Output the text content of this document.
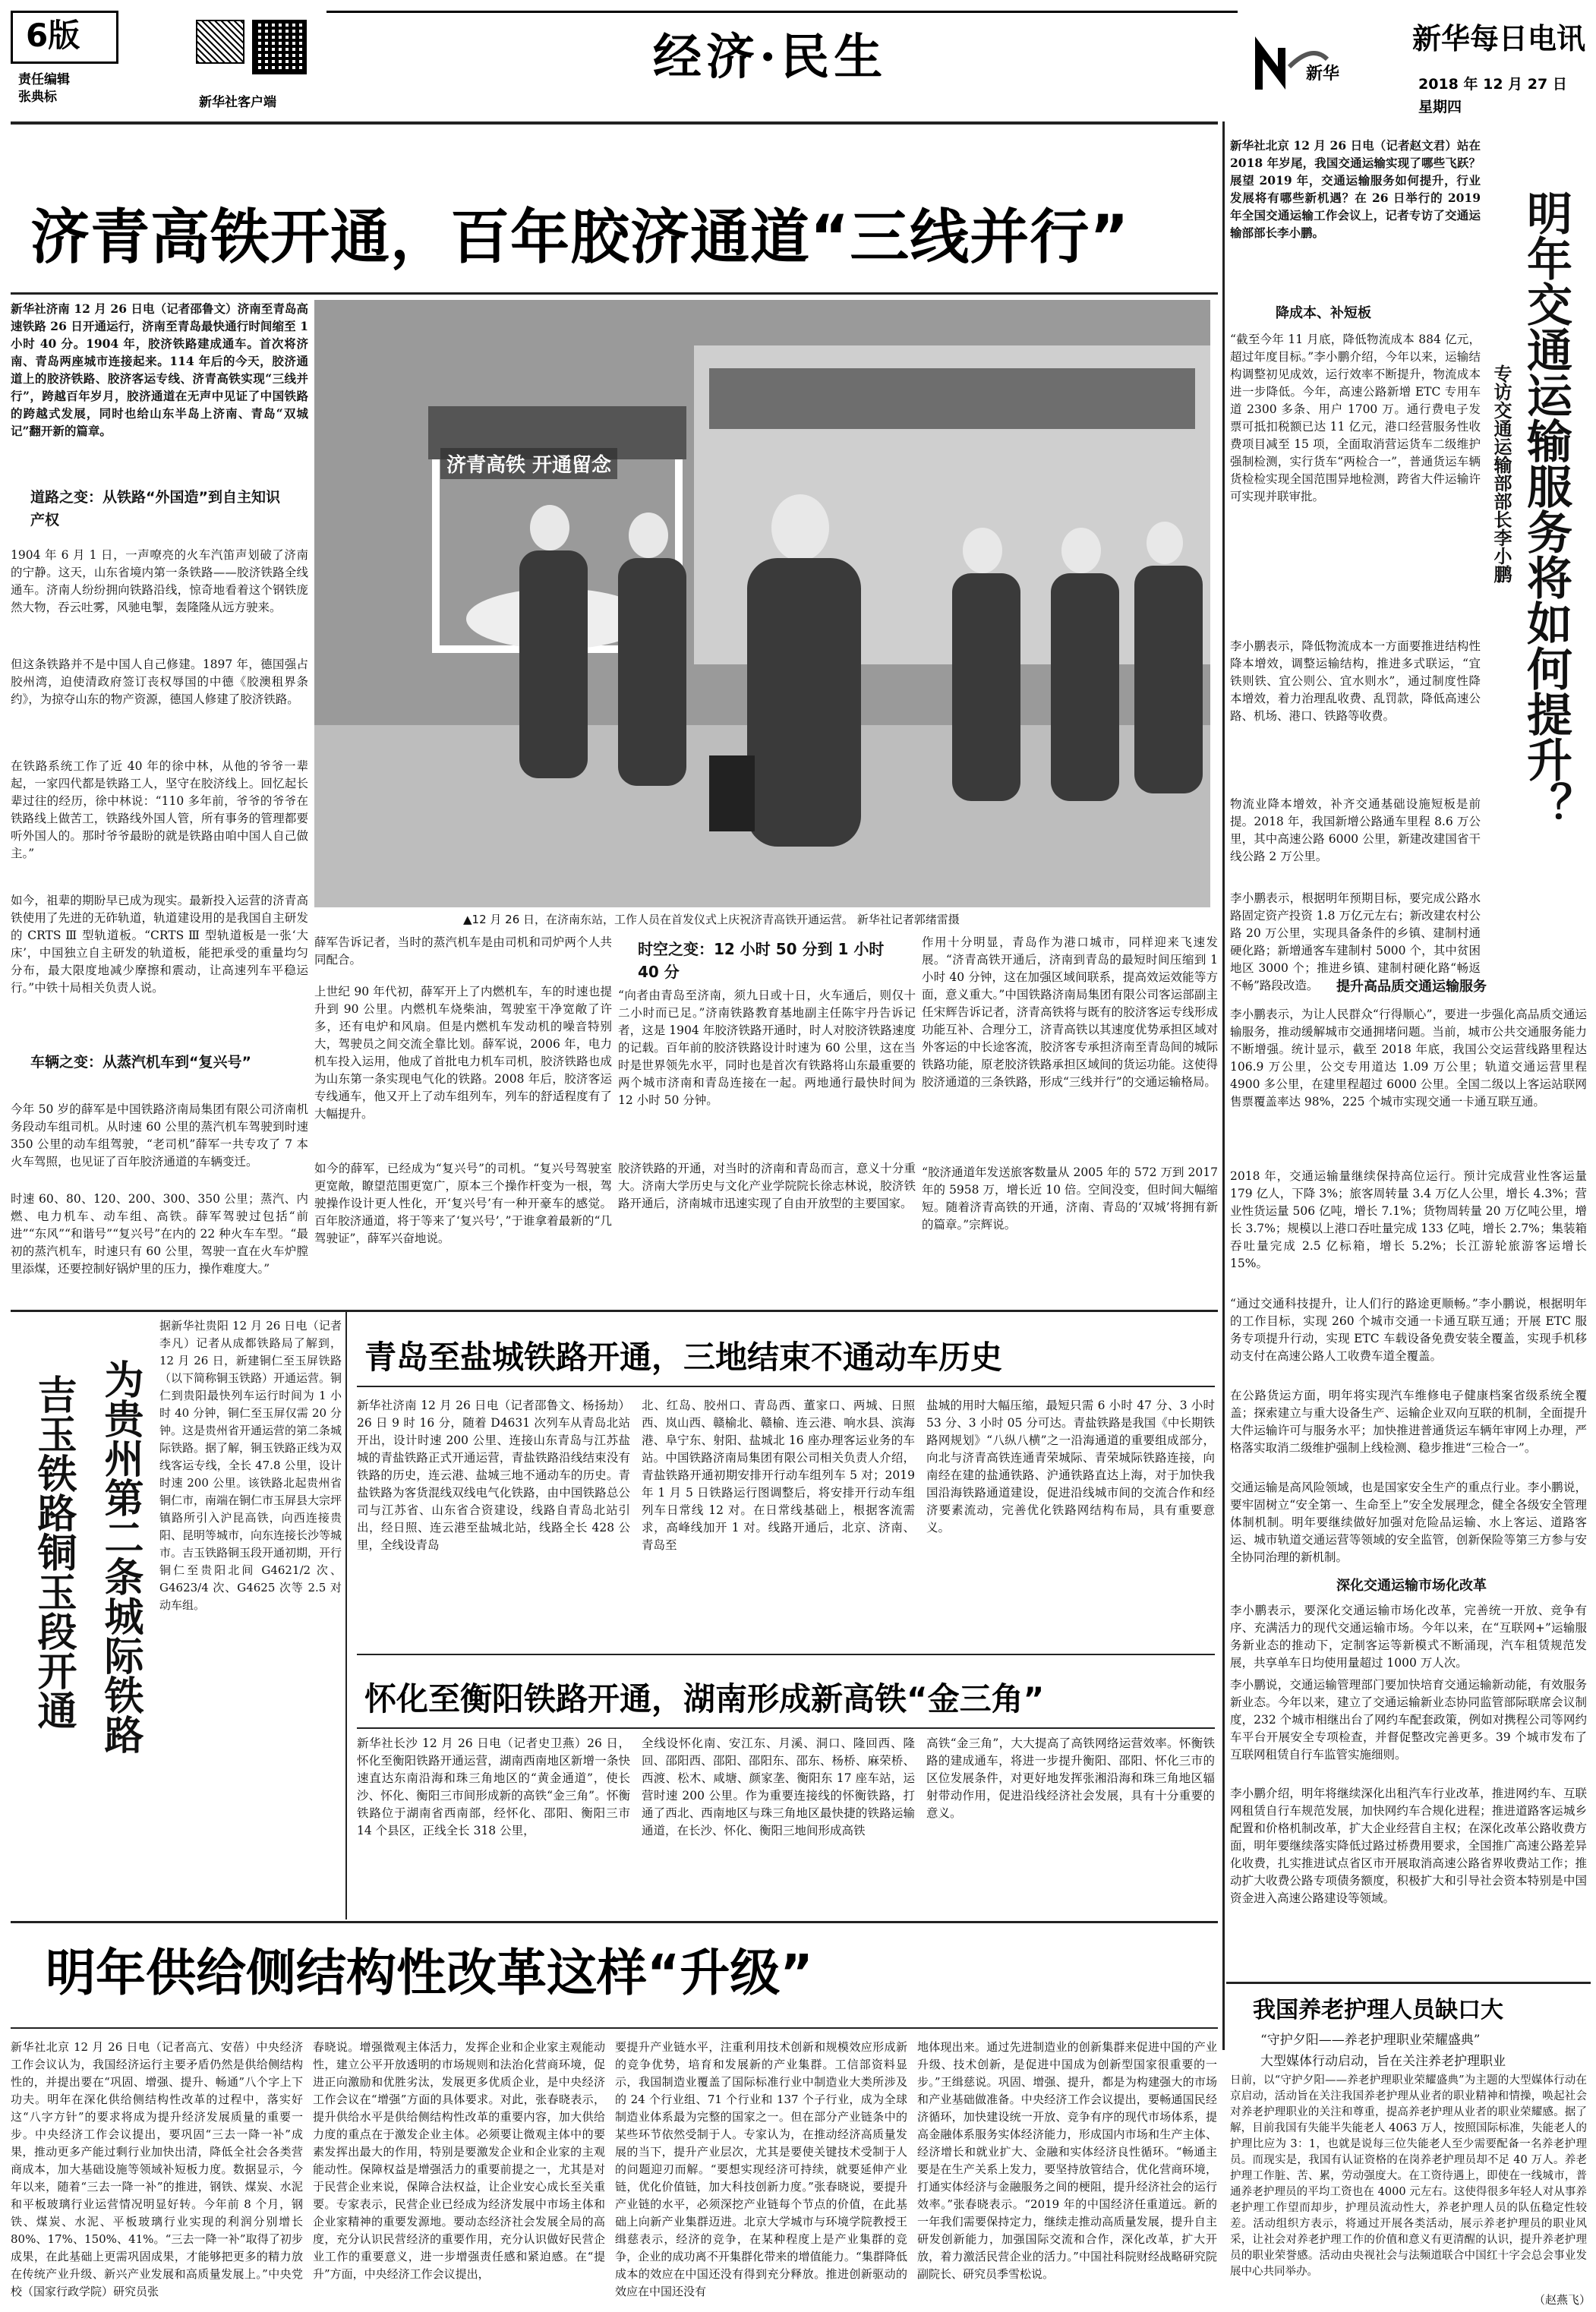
6版
责任编辑
张典标	新华社客户端
经济·民生	新华每日电讯
新华
2018 年 12 月 27 日
星期四
济青高铁开通，百年胶济通道“三线并行”
新华社济南 12 月 26 日电（记者邵鲁文）济南至青岛高速铁路 26 日开通运行，济南至青岛最快通行时间缩至 1 小时 40 分。1904 年，胶济铁路建成通车。首次将济南、青岛两座城市连接起来。114 年后的今天，胶济通道上的胶济铁路、胶济客运专线、济青高铁实现“三线并行”，跨越百年岁月，胶济通道在无声中见证了中国铁路的跨越式发展，同时也给山东半岛上济南、青岛“双城记”翻开新的篇章。
道路之变：从铁路“外国造”到自主知识产权
1904 年 6 月 1 日，一声嘹亮的火车汽笛声划破了济南的宁静。这天，山东省境内第一条铁路——胶济铁路全线通车。济南人纷纷拥向铁路沿线，惊奇地看着这个钢铁庞然大物，吞云吐雾，风驰电掣，轰隆隆从远方驶来。
但这条铁路并不是中国人自己修建。1897 年，德国强占胶州湾，迫使清政府签订丧权辱国的中德《胶澳租界条约》，为掠夺山东的物产资源，德国人修建了胶济铁路。
在铁路系统工作了近 40 年的徐中林，从他的爷爷一辈起，一家四代都是铁路工人，坚守在胶济线上。回忆起长辈过往的经历，徐中林说：“110 多年前，爷爷的爷爷在铁路线上做苦工，铁路线外国人管，所有事务的管理都要听外国人的。那时爷爷最盼的就是铁路由咱中国人自己做主。”
如今，祖辈的期盼早已成为现实。最新投入运营的济青高铁使用了先进的无砟轨道，轨道建设用的是我国自主研发的 CRTS Ⅲ 型轨道板。“CRTS Ⅲ 型轨道板是一张‘大床’，中国独立自主研发的轨道板，能把承受的重量均匀分布，最大限度地减少摩擦和震动，让高速列车平稳运行。”中铁十局相关负责人说。
车辆之变：从蒸汽机车到“复兴号”
今年 50 岁的薛军是中国铁路济南局集团有限公司济南机务段动车组司机。从时速 60 公里的蒸汽机车驾驶到时速 350 公里的动车组驾驶，“老司机”薛军一共专攻了 7 本火车驾照，也见证了百年胶济通道的车辆变迁。
时速 60、80、120、200、300、350 公里；蒸汽、内燃、电力机车、动车组、高铁。薛军驾驶过包括“前进”“东风”“和谐号”“复兴号”在内的 22 种火车车型。“最初的蒸汽机车，时速只有 60 公里，驾驶一直在火车炉膛里添煤，还要控制好锅炉里的压力，操作难度大。”
济青高铁 开通留念
▲12 月 26 日，在济南东站，工作人员在首发仪式上庆祝济青高铁开通运营。 新华社记者郭绪雷摄
薛军告诉记者，当时的蒸汽机车是由司机和司炉两个人共同配合。
上世纪 90 年代初，薛军开上了内燃机车，车的时速也提升到 90 公里。内燃机车烧柴油，驾驶室干净宽敞了许多，还有电炉和风扇。但是内燃机车发动机的噪音特别大，驾驶员之间交流全靠比划。薛军说，2006 年，电力机车投入运用，他成了首批电力机车司机，胶济铁路也成为山东第一条实现电气化的铁路。2008 年后，胶济客运专线通车，他又开上了动车组列车，列车的舒适程度有了大幅提升。
如今的薛军，已经成为“复兴号”的司机。“复兴号驾驶室更宽敞，瞭望范围更宽广，原本三个操作杆变为一根，驾驶操作设计更人性化，开‘复兴号’有一种开豪车的感觉。百年胶济通道，将于等来了‘复兴号’，”于谁拿着最新的“几驾驶证”，薛军兴奋地说。
时空之变：12 小时 50 分到 1 小时 40 分
“向者由青岛至济南，须九日或十日，火车通后，则仅十二小时而已足。”济南铁路教育基地副主任陈宇丹告诉记者，这是 1904 年胶济铁路开通时，时人对胶济铁路速度的记载。百年前的胶济铁路设计时速为 60 公里，这在当时是世界领先水平，同时也是首次有铁路将山东最重要的两个城市济南和青岛连接在一起。两地通行最快时间为 12 小时 50 分钟。
胶济铁路的开通，对当时的济南和青岛而言，意义十分重大。济南大学历史与文化产业学院院长徐志林说，胶济铁路开通后，济南城市迅速实现了自由开放型的主要国家。
作用十分明显，青岛作为港口城市，同样迎来飞速发展。“济青高铁开通后，济南到青岛的最短时间压缩到 1 小时 40 分钟，这在加强区域间联系，提高效运效能等方面，意义重大。”中国铁路济南局集团有限公司客运部副主任宋辉告诉记者，济青高铁将与既有的胶济客运专线形成功能互补、合理分工，济青高铁以其速度优势承担区域对外客运的中长途客流，胶济客专承担济南至青岛间的城际铁路功能，原老胶济铁路承担区域间的货运功能。这使得胶济通道的三条铁路，形成“三线并行”的交通运输格局。
“胶济通道年发送旅客数量从 2005 年的 572 万到 2017 年的 5958 万，增长近 10 倍。空间没变，但时间大幅缩短。随着济青高铁的开通，济南、青岛的‘双城’将拥有新的篇章。”宗辉说。
新华社北京 12 月 26 日电（记者赵文君）站在 2018 年岁尾，我国交通运输实现了哪些飞跃？展望 2019 年，交通运输服务如何提升，行业发展将有哪些新机遇？在 26 日举行的 2019 年全国交通运输工作会议上，记者专访了交通运输部部长李小鹏。	明年交通运输服务将如何提升？
专访交通运输部部长李小鹏
降成本、补短板
“截至今年 11 月底，降低物流成本 884 亿元，超过年度目标。”李小鹏介绍，今年以来，运输结构调整初见成效，运行效率不断提升，物流成本进一步降低。今年，高速公路新增 ETC 专用车道 2300 多条、用户 1700 万。通行费电子发票可抵扣税额已达 11 亿元，港口经营服务性收费项目减至 15 项，全面取消营运货车二级维护强制检测，实行货车“两检合一”，普通货运车辆货检检实现全国范围异地检测，跨省大件运输许可实现并联审批。
李小鹏表示，降低物流成本一方面要推进结构性降本增效，调整运输结构，推进多式联运，“宜铁则铁、宜公则公、宜水则水”，通过制度性降本增效，着力治理乱收费、乱罚款，降低高速公路、机场、港口、铁路等收费。
物流业降本增效，补齐交通基础设施短板是前提。2018 年，我国新增公路通车里程 8.6 万公里，其中高速公路 6000 公里，新建改建国省干线公路 2 万公里。
李小鹏表示，根据明年预期目标，要完成公路水路固定资产投资 1.8 万亿元左右；新改建农村公路 20 万公里，实现具备条件的乡镇、建制村通硬化路；新增通客车建制村 5000 个，其中贫困地区 3000 个；推进乡镇、建制村硬化路“畅返不畅”路段改造。	提升高品质交通运输服务
李小鹏表示，为让人民群众“行得顺心”，要进一步强化高品质交通运输服务，推动缓解城市交通拥堵问题。当前，城市公共交通服务能力不断增强。统计显示，截至 2018 年底，我国公交运营线路里程达 106.9 万公里，公交专用道达 1.09 万公里；轨道交通运营里程 4900 多公里，在建里程超过 6000 公里。全国二级以上客运站联网售票覆盖率达 98%，225 个城市实现交通一卡通互联互通。
2018 年，交通运输量继续保持高位运行。预计完成营业性客运量 179 亿人，下降 3%；旅客周转量 3.4 万亿人公里，增长 4.3%；营业性货运量 506 亿吨，增长 7.1%；货物周转量 20 万亿吨公里，增长 3.7%；规模以上港口吞吐量完成 133 亿吨，增长 2.7%；集装箱吞吐量完成 2.5 亿标箱，增长 5.2%；长江游轮旅游客运增长 15%。
“通过交通科技提升，让人们行的路途更顺畅。”李小鹏说，根据明年的工作目标，实现 260 个城市交通一卡通互联互通；开展 ETC 服务专项提升行动，实现 ETC 车载设备免费安装全覆盖，实现手机移动支付在高速公路人工收费车道全覆盖。
在公路货运方面，明年将实现汽车维修电子健康档案省级系统全覆盖；探索建立与重大设备生产、运输企业双向互联的机制，全面提升大件运输许可与服务水平；加快推进普通货运车辆年审网上办理，严格落实取消二级维护强制上线检测、稳步推进“三检合一”。
交通运输是高风险领域，也是国家安全生产的重点行业。李小鹏说，要牢固树立“安全第一、生命至上”安全发展理念，健全各级安全管理体制机制。明年要继续做好加强对危险品运输、水上客运、道路客运、城市轨道交通运营等领域的安全监管，创新保险等第三方参与安全协同治理的新机制。
深化交通运输市场化改革
李小鹏表示，要深化交通运输市场化改革，完善统一开放、竞争有序、充满活力的现代交通运输市场。今年以来，在“互联网+”运输服务新业态的推动下，定制客运等新模式不断涌现，汽车租赁规范发展，共享单车日均使用量超过 1000 万人次。
李小鹏说，交通运输管理部门要加快培育交通运输新动能，有效服务新业态。今年以来，建立了交通运输新业态协同监管部际联席会议制度，232 个城市相继出台了网约车配套政策，例如对携程公司等网约车平台开展安全专项检查，并督促整改完善更多。39 个城市发布了互联网租赁自行车监管实施细则。
李小鹏介绍，明年将继续深化出租汽车行业改革，推进网约车、互联网租赁自行车规范发展，加快网约车合规化进程；推进道路客运城乡配置和价格机制改革，扩大企业经营自主权；在深化改革公路收费方面，明年要继续落实降低过路过桥费用要求，全国推广高速公路差异化收费，扎实推进试点省区市开展取消高速公路省界收费站工作；推动扩大收费公路专项债务额度，积极扩大和引导社会资本特别是中国资金进入高速公路建设等领域。
为贵州第二条城际铁路
吉玉铁路铜玉段开通
据新华社贵阳 12 月 26 日电（记者李凡）记者从成都铁路局了解到，12 月 26 日，新建铜仁至玉屏铁路（以下简称铜玉铁路）开通运营。铜仁到贵阳最快列车运行时间为 1 小时 40 分钟，铜仁至玉屏仅需 20 分钟。这是贵州省开通运营的第二条城际铁路。据了解，铜玉铁路正线为双线客运专线，全长 47.8 公里，设计时速 200 公里。该铁路北起贵州省铜仁市，南端在铜仁市玉屏县大宗坪镇路所引入沪昆高铁，向西连接贵阳、昆明等城市，向东连接长沙等城市。吉玉铁路铜玉段开通初期，开行铜仁至贵阳北间 G4621/2 次、G4623/4 次、G4625 次等 2.5 对动车组。
青岛至盐城铁路开通，三地结束不通动车历史
新华社济南 12 月 26 日电（记者邵鲁文、杨扬劫）26 日 9 时 16 分，随着 D4631 次列车从青岛北站开出，设计时速 200 公里、连接山东青岛与江苏盐城的青盐铁路正式开通运营，青盐铁路沿线结束没有铁路的历史，连云港、盐城三地不通动车的历史。青盐铁路为客货混线双线电气化铁路，由中国铁路总公司与江苏省、山东省合资建设，线路自青岛北站引出，经日照、连云港至盐城北站，线路全长 428 公里，全线设青岛
北、红岛、胶州口、青岛西、董家口、两城、日照西、岚山西、赣榆北、赣榆、连云港、响水县、滨海港、阜宁东、射阳、盐城北 16 座办理客运业务的车站。中国铁路济南局集团有限公司相关负责人介绍，青盐铁路开通初期安排开行动车组列车 5 对；2019 年 1 月 5 日铁路运行图调整后，将安排开行动车组列车日常线 12 对。在日常线基础上，根据客流需求，高峰线加开 1 对。线路开通后，北京、济南、青岛至
盐城的用时大幅压缩，最短只需 6 小时 47 分、3 小时 53 分、3 小时 05 分可达。青盐铁路是我国《中长期铁路网规划》“八纵八横”之一沿海通道的重要组成部分，向北与济青高铁连通青荣城际、青荣城际铁路连接，向南经在建的盐通铁路、沪通铁路直达上海，对于加快我国沿海铁路通道建设，促进沿线城市间的交流合作和经济要素流动，完善优化铁路网结构布局，具有重要意义。
怀化至衡阳铁路开通，湖南形成新高铁“金三角”
新华社长沙 12 月 26 日电（记者史卫燕）26 日，怀化至衡阳铁路开通运营，湖南西南地区新增一条快速直达东南沿海和珠三角地区的“黄金通道”，使长沙、怀化、衡阳三市间形成新的高铁“金三角”。怀衡铁路位于湖南省西南部，经怀化、邵阳、衡阳三市 14 个县区，正线全长 318 公里，
全线设怀化南、安江东、月溪、洞口、隆回西、隆回、邵阳西、邵阳、邵阳东、邵东、杨桥、麻荣桥、西渡、松木、咸塘、颜家垄、衡阳东 17 座车站，运营时速 200 公里。作为重要连接线的怀衡铁路，打通了西北、西南地区与珠三角地区最快捷的铁路运输通道，在长沙、怀化、衡阳三地间形成高铁
高铁“金三角”，大大提高了高铁网络运营效率。怀衡铁路的建成通车，将进一步提升衡阳、邵阳、怀化三市的区位发展条件，对更好地发挥张湘沿海和珠三角地区辐射带动作用，促进沿线经济社会发展，具有十分重要的意义。
明年供给侧结构性改革这样“升级”
新华社北京 12 月 26 日电（记者高亢、安蓓）中央经济工作会议认为，我国经济运行主要矛盾仍然是供给侧结构性的，并提出要在“巩固、增强、提升、畅通”八个字上下功夫。明年在深化供给侧结构性改革的过程中，落实好这“八字方针”的要求将成为提升经济发展质量的重要一步。中央经济工作会议提出，要巩固“三去一降一补”成果，推动更多产能过剩行业加快出清，降低全社会各类营商成本，加大基础设施等领域补短板力度。数据显示，今年以来，随着“三去一降一补”的推进，钢铁、煤炭、水泥和平板玻璃行业运营情况明显好转。今年前 8 个月，钢铁、煤炭、水泥、平板玻璃行业实现的利润分别增长 80%、17%、150%、41%。“三去一降一补”取得了初步成果，在此基础上更需巩固成果，才能够把更多的精力放在传统产业升级、新兴产业发展和高质量发展上。”中央党校（国家行政学院）研究员张
春晓说。增强微观主体活力，发挥企业和企业家主观能动性，建立公平开放透明的市场规则和法治化营商环境，促进正向激励和优胜劣汰，发展更多优质企业，是中央经济工作会议在“增强”方面的具体要求。对此，张春晓表示，提升供给水平是供给侧结构性改革的重要内容，加大供给力度的重点在于激发企业主体。必须要让微观主体中的要素发挥出最大的作用，特别是要激发企业和企业家的主观能动性。保障权益是增强活力的重要前提之一，尤其是对于民营企业来说，保障合法权益，让企业安心成长至关重要。专家表示，民营企业已经成为经济发展中市场主体和企业家精神的重要发源地。要动态经济社会发展全局的高度，充分认识民营经济的重要作用，充分认识做好民营企业工作的重要意义，进一步增强责任感和紧迫感。在“提升”方面，中央经济工作会议提出，
要提升产业链水平，注重利用技术创新和规模效应形成新的竞争优势，培育和发展新的产业集群。工信部资料显示，我国制造业覆盖了国际标准行业中制造业大类所涉及的 24 个行业组、71 个行业和 137 个子行业，成为全球制造业体系最为完整的国家之一。但在部分产业链条中的某些环节依然受制于人。专家认为，在推动经济高质量发展的当下，提升产业层次，尤其是要使关键技术受制于人的问题迎刃而解。“要想实现经济可持续，就要延伸产业链，优化价值链，加大科技创新力度。”张春晓说，要提升产业链的水平，必须深挖产业链每个节点的价值，在此基础上向新产业集群迈进。北京大学城市与环境学院教授王缉慈表示，经济的竞争，在某种程度上是产业集群的竞争，企业的成功离不开集群化带来的增值能力。“集群降低成本的效应在中国还没有得到充分释放。推进创新驱动的效应在中国还没有
地体现出来。通过先进制造业的创新集群来促进中国的产业升级、技术创新，是促进中国成为创新型国家很重要的一步。”王缉慈说。巩固、增强、提升，都是为构建强大的市场和产业基础做准备。中央经济工作会议提出，要畅通国民经济循环，加快建设统一开放、竞争有序的现代市场体系，提高金融体系服务实体经济能力，形成国内市场和生产主体、经济增长和就业扩大、金融和实体经济良性循环。“畅通主要是在生产关系上发力，要坚持放管结合，优化营商环境，打通实体经济与金融服务之间的梗阻，提升经济社会的运行效率。”张春晓表示。“2019 年的中国经济任重道远。新的一年我们需要保持定力，继续走推动高质量发展，提升自主研发创新能力，加强国际交流和合作，深化改革，扩大开放，着力激活民营企业的活力。”中国社科院财经战略研究院副院长、研究员季雪松说。
我国养老护理人员缺口大
“守护夕阳——养老护理职业荣耀盛典”
大型媒体行动启动，旨在关注养老护理职业
日前，以“守护夕阳——养老护理职业荣耀盛典”为主题的大型媒体行动在京启动，活动旨在关注我国养老护理从业者的职业精神和情操，唤起社会对养老护理职业的关注和尊重，提高养老护理从业者的职业荣耀感。据了解，目前我国有失能半失能老人 4063 万人，按照国际标准，失能老人的护理比应为 3：1，也就是说每三位失能老人至少需要配备一名养老护理员。而现实是，我国有认证资格的在岗养老护理员却不足 40 万人。养老护理工作脏、苦、累，劳动强度大。在工资待遇上，即使在一线城市，普通养老护理员的平均工资也在 4000 元左右。这使得很多年轻人对从事养老护理工作望而却步，护理员流动性大，养老护理人员的队伍稳定性较差。活动组织方表示，将通过开展各类活动，展示养老护理员的职业风采，让社会对养老护理工作的价值和意义有更清醒的认识，提升养老护理员的职业荣誉感。活动由央视社会与法频道联合中国红十字会总会事业发展中心共同举办。
（赵燕飞）
